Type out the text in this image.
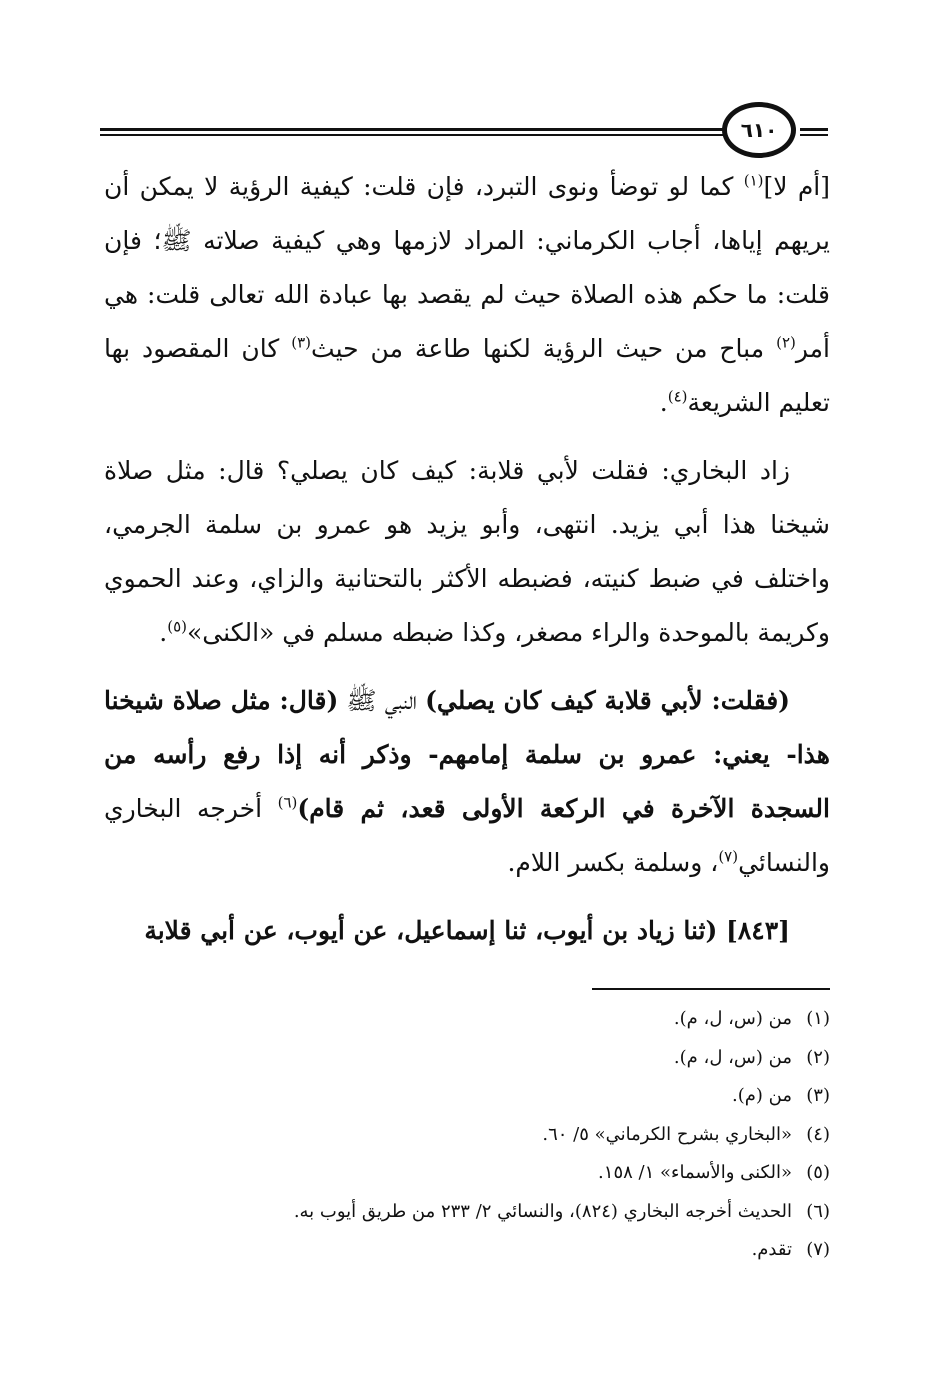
٦١٠

[أم لا]$^{(١)}$ كما لو توضأ ونوى التبرد، فإن قلت: كيفية الرؤية لا يمكن أن يريهم إياها، أجاب الكرماني: المراد لازمها وهي كيفية صلاته ﷺ؛ فإن قلت: ما حكم هذه الصلاة حيث لم يقصد بها عبادة الله تعالى قلت: هي أمر$^{(٢)}$ مباح من حيث الرؤية لكنها طاعة من حيث$^{(٣)}$ كان المقصود بها تعليم الشريعة$^{(٤)}$.

زاد البخاري: فقلت لأبي قلابة: كيف كان يصلي؟ قال: مثل صلاة شيخنا هذا أبي يزيد. انتهى، وأبو يزيد هو عمرو بن سلمة الجرمي، واختلف في ضبط كنيته، فضبطه الأكثر بالتحتانية والزاي، وعند الحموي وكريمة بالموحدة والراء مصغر، وكذا ضبطه مسلم في «الكنى»$^{(٥)}$.

(فقلت: لأبي قلابة كيف كان يصلي) النبي ﷺ (قال: مثل صلاة شيخنا هذا- يعني: عمرو بن سلمة إمامهم- وذكر أنه إذا رفع رأسه من السجدة الآخرة في الركعة الأولى قعد، ثم قام)$^{(٦)}$ أخرجه البخاري والنسائي$^{(٧)}$، وسلمة بكسر اللام.

[٨٤٣] (ثنا زياد بن أيوب، ثنا إسماعيل، عن أيوب، عن أبي قلابة

(١)من (س، ل، م).
(٢)من (س، ل، م).
(٣)من (م).
(٤)«البخاري بشرح الكرماني» ٥/ ٦٠.
(٥)«الكنى والأسماء» ١/ ١٥٨.
(٦)الحديث أخرجه البخاري (٨٢٤)، والنسائي ٢/ ٢٣٣ من طريق أيوب به.
(٧)تقدم.
